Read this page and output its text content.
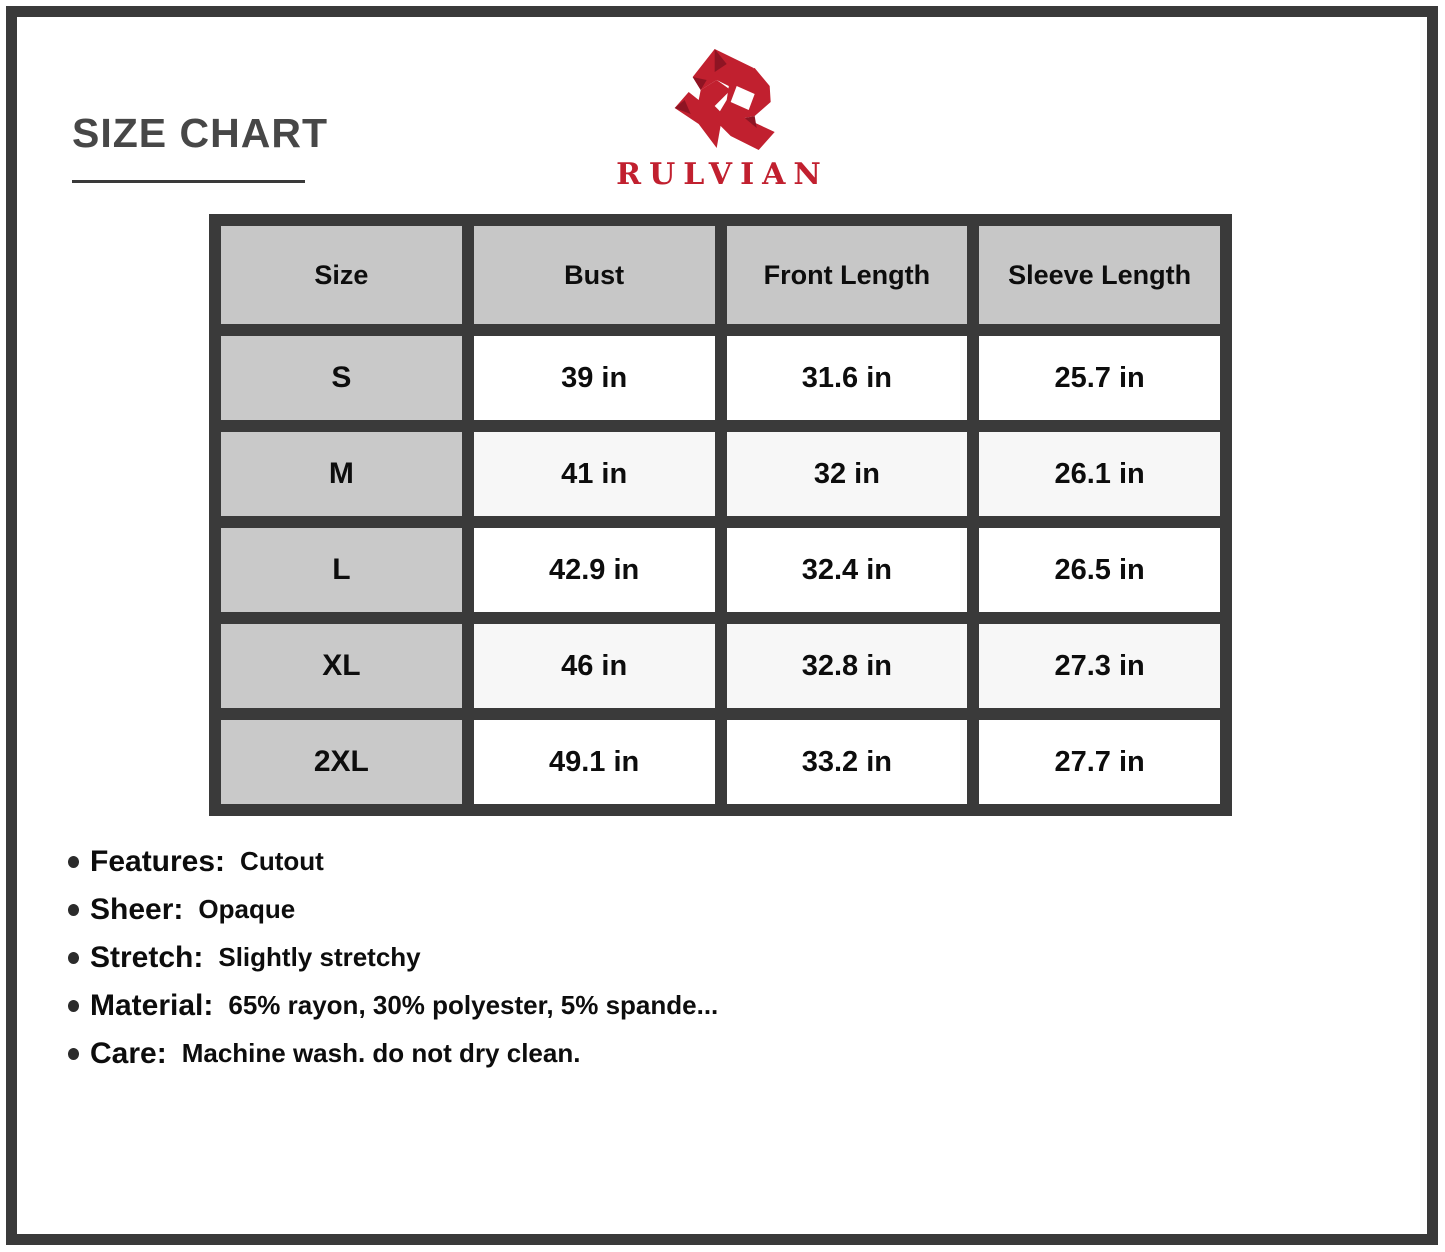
SIZE CHART
RULVIAN
Size	Bust	Front Length	Sleeve Length
S	39 in	31.6 in	25.7 in
M	41 in	32 in	26.1 in
L	42.9 in	32.4 in	26.5 in
XL	46 in	32.8 in	27.3 in
2XL	49.1 in	33.2 in	27.7 in
Features: Cutout
Sheer: Opaque
Stretch: Slightly stretchy
Material: 65% rayon, 30% polyester, 5% spande...
Care: Machine wash. do not dry clean.
